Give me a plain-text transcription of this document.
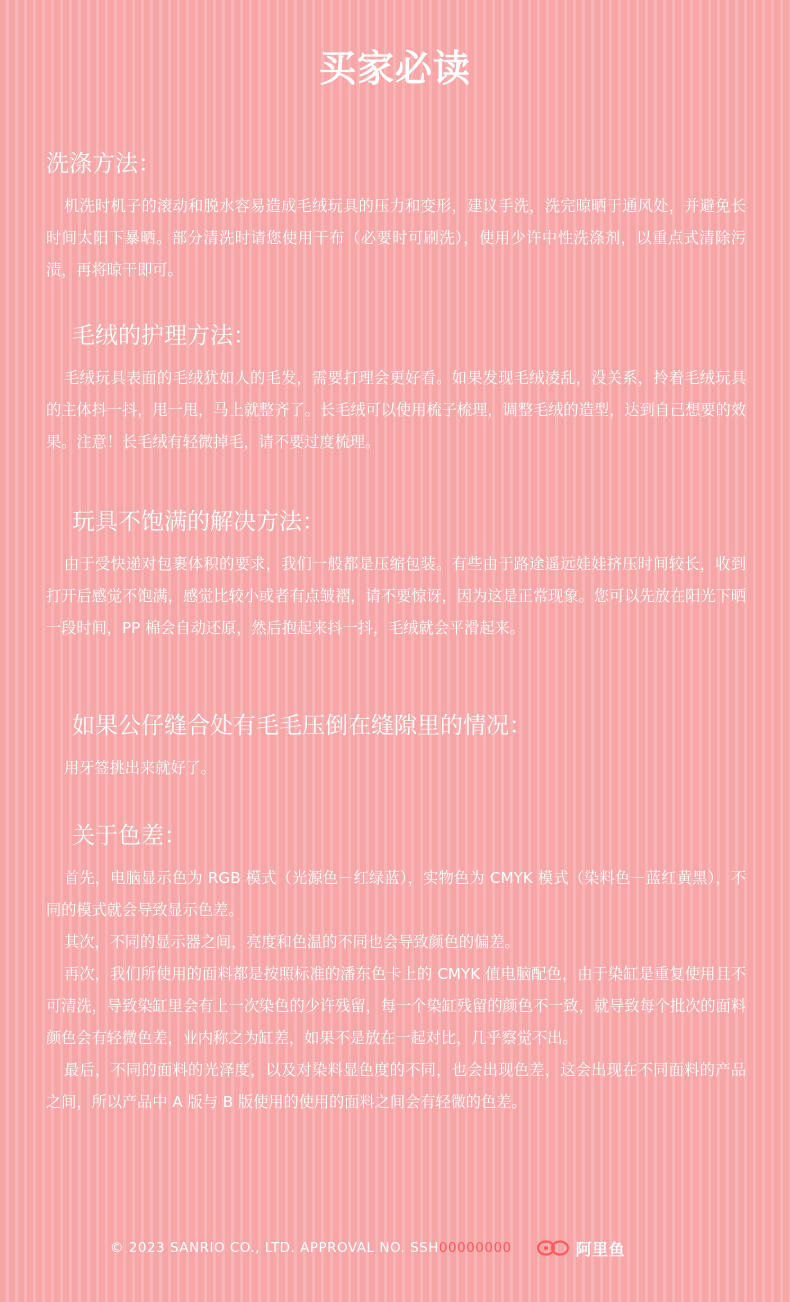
买家必读
洗涤方法：

机洗时机子的滚动和脱水容易造成毛绒玩具的压力和变形，建议手洗，洗完晾晒于通风处，并避免长时间太阳下暴晒。部分清洗时请您使用干布（必要时可刷洗），使用少许中性洗涤剂，以重点式清除污渍，再将晾干即可。

毛绒的护理方法：

毛绒玩具表面的毛绒犹如人的毛发，需要打理会更好看。如果发现毛绒凌乱，没关系，拎着毛绒玩具的主体抖一抖，甩一甩，马上就整齐了。长毛绒可以使用梳子梳理，调整毛绒的造型，达到自己想要的效果。注意！长毛绒有轻微掉毛，请不要过度梳理。

玩具不饱满的解决方法：

由于受快递对包裹体积的要求，我们一般都是压缩包装。有些由于路途遥远娃娃挤压时间较长，收到打开后感觉不饱满，感觉比较小或者有点皱褶，请不要惊讶，因为这是正常现象。您可以先放在阳光下晒一段时间，PP 棉会自动还原，然后抱起来抖一抖，毛绒就会平滑起来。

如果公仔缝合处有毛毛压倒在缝隙里的情况：

用牙签挑出来就好了。

关于色差：

首先，电脑显示色为 RGB 模式（光源色－红绿蓝），实物色为 CMYK 模式（染料色－蓝红黄黑），不同的模式就会导致显示色差。

其次，不同的显示器之间，亮度和色温的不同也会导致颜色的偏差。

再次，我们所使用的面料都是按照标准的潘东色卡上的 CMYK 值电脑配色，由于染缸是重复使用且不可清洗，导致染缸里会有上一次染色的少许残留，每一个染缸残留的颜色不一致，就导致每个批次的面料颜色会有轻微色差，业内称之为缸差，如果不是放在一起对比，几乎察觉不出。

最后，不同的面料的光泽度，以及对染料显色度的不同，也会出现色差，这会出现在不同面料的产品之间，所以产品中 A 版与 B 版使用的使用的面料之间会有轻微的色差。

© 2023 SANRIO CO., LTD. APPROVAL NO. SSH 00000000	阿里鱼
